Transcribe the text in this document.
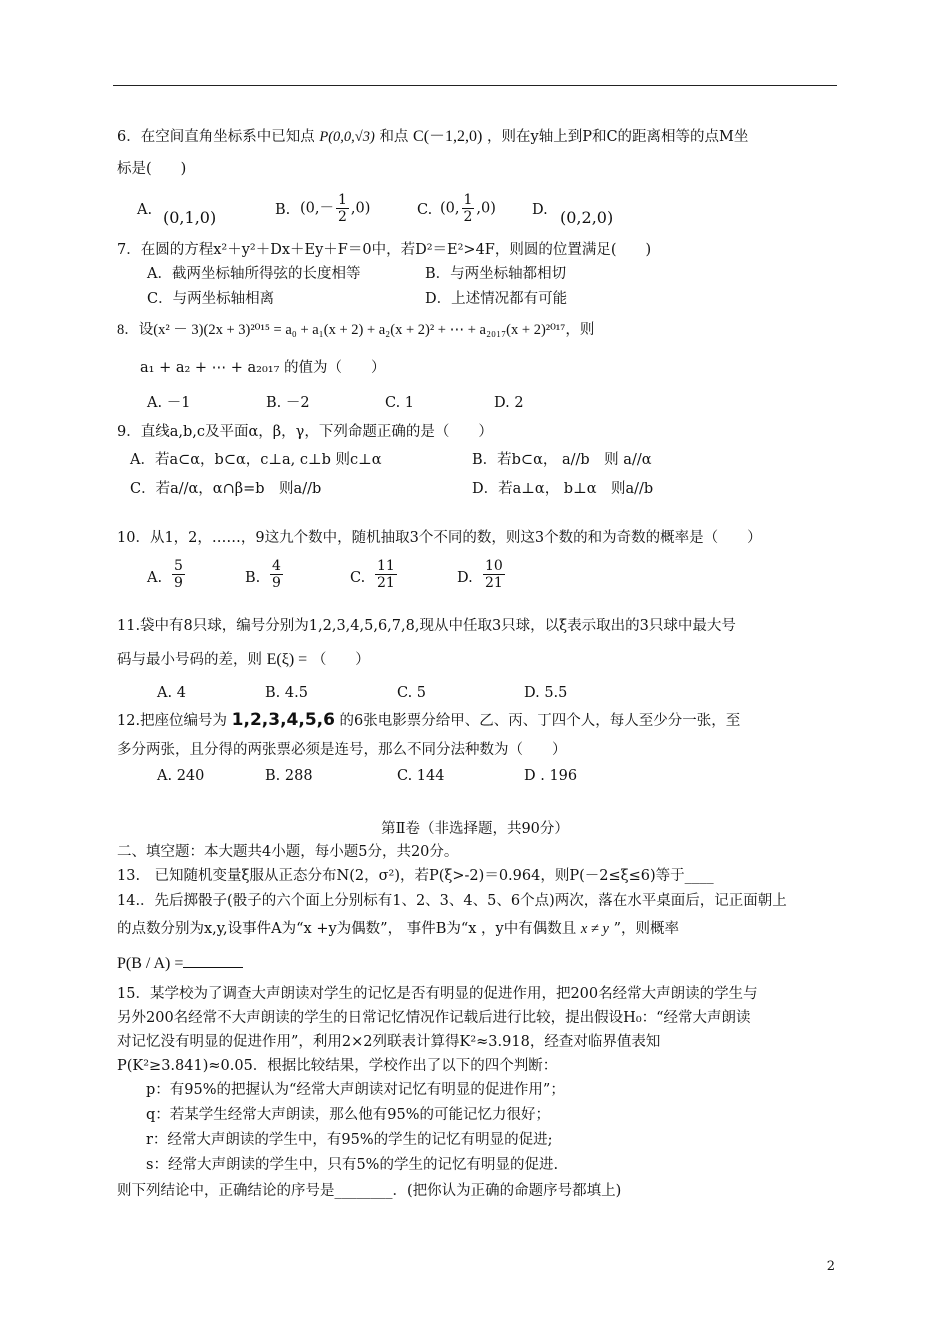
6．在空间直角坐标系中已知点 P(0,0,√3) 和点 C(－1,2,0) ，则在y轴上到P和C的距离相等的点M坐
标是(　　)
A. (0,1,0)	B. $(0,- \frac{1}{2} ,0)$	C. (0, $\frac{1}{2} ,0$) D. (0,2,0)
7．在圆的方程x²＋y²＋Dx＋Ey＋F＝0中，若D²＝E²>4F，则圆的位置满足(　　)
A．截两坐标轴所得弦的长度相等	B．与两坐标轴都相切
C．与两坐标轴相离	D．上述情况都有可能
8．设(x² － 3)(2x + 3)²⁰¹⁵ = a₀ + a₁(x + 2) + a₂(x + 2)² + ⋯ + a₂₀₁₇(x + 2)²⁰¹⁷，则
a₁ + a₂ + ⋯ + a₂₀₁₇ 的值为（　　）
A. －1	B. －2	C. 1	D. 2
9．直线a,b,c及平面α，β，γ，下列命题正确的是（　　）
A．若a⊂α，b⊂α，c⊥a, c⊥b 则c⊥α	B．若b⊂α， a//b　则 a//α
C．若a//α，α∩β=b　则a//b	D．若a⊥α， b⊥α　则a//b
10．从1，2，……，9这九个数中，随机抽取3个不同的数，则这3个数的和为奇数的概率是（　　）
A. $\frac{5}{9}$	B. $\frac{4}{9}$	C. $\frac{11}{21}$	D. $\frac{10}{21}$
11.袋中有8只球，编号分别为1,2,3,4,5,6,7,8,现从中任取3只球，以ξ表示取出的3只球中最大号
码与最小号码的差，则 E(ξ) = （　　）
A. 4	B. 4.5	C. 5	D. 5.5
12.把座位编号为 1,2,3,4,5,6 的6张电影票分给甲、乙、丙、丁四个人，每人至少分一张，至
多分两张，且分得的两张票必须是连号，那么不同分法种数为（　　）
A. 240	B. 288	C. 144	D . 196
第Ⅱ卷（非选择题，共90分）
二、填空题：本大题共4小题，每小题5分，共20分。
13.　已知随机变量ξ服从正态分布N(2，σ²)，若P(ξ>-2)＝0.964，则P(－2≤ξ≤6)等于____
14.．先后掷骰子(骰子的六个面上分别标有1、2、3、4、5、6个点)两次，落在水平桌面后，记正面朝上
的点数分别为x,y,设事件A为“x +y为偶数”， 事件B为“x ，y中有偶数且 x ≠ y ”，则概率
P(B / A) =
15．某学校为了调查大声朗读对学生的记忆是否有明显的促进作用，把200名经常大声朗读的学生与
另外200名经常不大声朗读的学生的日常记忆情况作记载后进行比较，提出假设H₀：“经常大声朗读
对记忆没有明显的促进作用”，利用2×2列联表计算得K²≈3.918，经查对临界值表知
P(K²≥3.841)≈0.05．根据比较结果，学校作出了以下的四个判断：
p：有95%的把握认为“经常大声朗读对记忆有明显的促进作用”；
q：若某学生经常大声朗读，那么他有95%的可能记忆力很好；
r：经常大声朗读的学生中，有95%的学生的记忆有明显的促进;
s：经常大声朗读的学生中，只有5%的学生的记忆有明显的促进.
则下列结论中，正确结论的序号是________．(把你认为正确的命题序号都填上)
2
